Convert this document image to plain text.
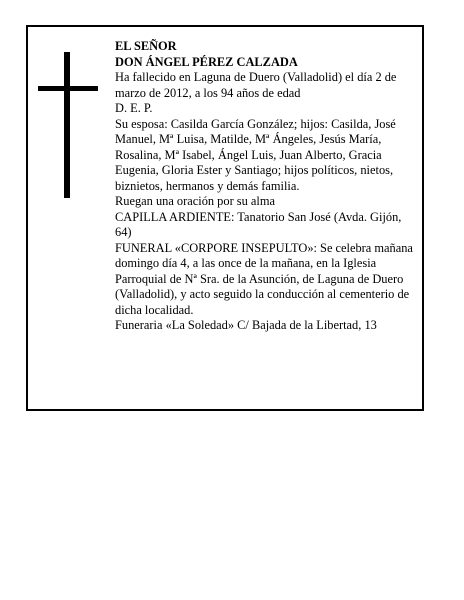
EL SEÑOR

DON ÁNGEL PÉREZ CALZADA

Ha fallecido en Laguna de Duero (Valladolid) el día 2 de marzo de 2012, a los 94 años de edad

D. E. P.

Su esposa: Casilda García González; hijos: Casilda, José Manuel, Mª Luisa, Matilde, Mª Ángeles, Jesús María, Rosalina, Mª Isabel, Ángel Luis, Juan Alberto, Gracia Eugenia, Gloria Ester y Santiago; hijos políticos, nietos, biznietos, hermanos y demás familia.

Ruegan una oración por su alma

CAPILLA ARDIENTE: Tanatorio San José (Avda. Gijón, 64)

FUNERAL «CORPORE INSEPULTO»: Se celebra mañana domingo día 4, a las once de la mañana, en la Iglesia Parroquial de Nª Sra. de la Asunción, de Laguna de Duero (Valladolid), y acto seguido la conducción al cementerio de dicha localidad.

Funeraria «La Soledad» C/ Bajada de la Libertad, 13
